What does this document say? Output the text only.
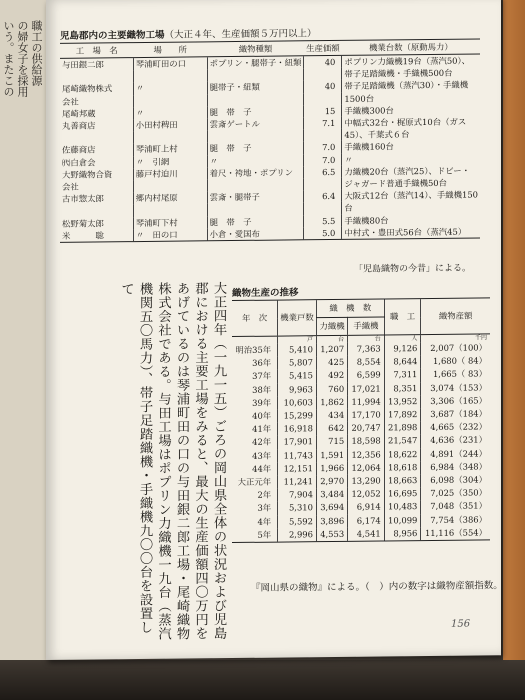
職工の供給源
の婦女子を採用
いう。またこの	児島郡内の主要織物工場（大正４年、生産価額５万円以上）
工　場　名	場　　所	織物種類	生産価額	機業台数（原動馬力）
与田銀二郎	琴浦町田の口	ポプリン・腿帯子・紐類	40	ポプリン力織機19台（蒸汽50）、
				帯子足踏織機・手織機500台
尾崎織物株式	〃	腿帯子・紐類	40	帯子足踏織機（蒸汽30）・手織機
会社				1500台
尾崎邦蔵	〃	腿　帯　子	15	手織機300台
丸善商店	小田村稗田	雲斎ゲートル	7.1	中幅式32台・梶原式10台（ガス
				45）、千葉式６台
佐藤商店	琴浦町上村	腿　帯　子	7.0	手織機160台
㈹白倉会	〃　引網	〃	7.0	〃
大野織物合資	藤戸村迫川	着尺・袴地・ポプリン	6.5	力織機20台（蒸汽25）、ドビー・
会社				ジャガード普通手織機50台
古市惣太郎	郷内村尾原	雲斎・腿帯子	6.4	大阪式12台（蒸汽14）、手織機150
				台
松野菊太郎	琴浦町下村	腿　帯　子	5.5	手織機80台
米　　　聡	〃　田の口	小倉・愛国布	5.0	中村式・豊田式56台（蒸汽45）
「児島織物の今昔」による。
大正四年（一九一五）ごろの岡山県全体の状況および児島郡における主要工場をみると、最大の生産価額四〇万円をあげているのは琴浦町田の口の与田銀二郎工場・尾崎織物株式会社である。与田工場はポプリン力織機一九台（蒸汽機関五〇馬力）、帯子足踏織機・手織機九〇〇台を設置して	織物生産の推移
年　次	機業戸数	織　機　数		職　工	織物産額
		力織機	手織機		
	戸	台	台	人	千円
明治35年	5,410	1,207	7,363	9,126	2,007（100）
36年	5,807	425	8,554	8,644	1,680（ 84）
37年	5,415	492	6,599	7,311	1,665（ 83）
38年	9,963	760	17,021	8,351	3,074（153）
39年	10,603	1,862	11,994	13,952	3,306（165）
40年	15,299	434	17,170	17,892	3,687（184）
41年	16,918	642	20,747	21,898	4,665（232）
42年	17,901	715	18,598	21,547	4,636（231）
43年	11,743	1,591	12,356	18,622	4,891（244）
44年	12,151	1,966	12,064	18,618	6,984（348）
大正元年	11,241	2,970	13,290	18,663	6,098（304）
2年	7,904	3,484	12,052	16,695	7,025（350）
3年	5,310	3,694	6,914	10,483	7,048（351）
4年	5,592	3,896	6,174	10,099	7,754（386）
5年	2,996	4,553	4,541	8,956	11,116（554）
『岡山県の織物』による。（　）内の数字は織物産額指数。
156
